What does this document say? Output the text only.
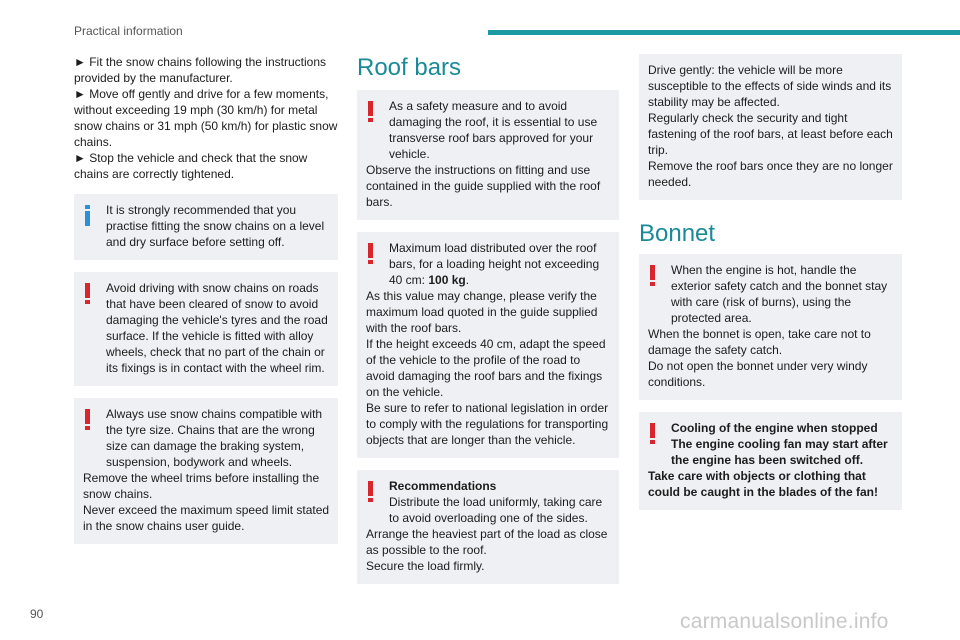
Practical information

► Fit the snow chains following the instructions provided by the manufacturer.

► Move off gently and drive for a few moments, without exceeding 19 mph (30 km/h) for metal snow chains or 31 mph (50 km/h) for plastic snow chains.

► Stop the vehicle and check that the snow chains are correctly tightened.

It is strongly recommended that you practise fitting the snow chains on a level and dry surface before setting off.

Avoid driving with snow chains on roads that have been cleared of snow to avoid damaging the vehicle's tyres and the road surface. If the vehicle is fitted with alloy wheels, check that no part of the chain or its fixings is in contact with the wheel rim.

Always use snow chains compatible with the tyre size. Chains that are the wrong size can damage the braking system, suspension, bodywork and wheels.

Remove the wheel trims before installing the snow chains.

Never exceed the maximum speed limit stated in the snow chains user guide.

Roof bars

As a safety measure and to avoid damaging the roof, it is essential to use transverse roof bars approved for your vehicle.

Observe the instructions on fitting and use contained in the guide supplied with the roof bars.

Maximum load distributed over the roof bars, for a loading height not exceeding 40 cm: 100 kg.

As this value may change, please verify the maximum load quoted in the guide supplied with the roof bars.

If the height exceeds 40 cm, adapt the speed of the vehicle to the profile of the road to avoid damaging the roof bars and the fixings on the vehicle.

Be sure to refer to national legislation in order to comply with the regulations for transporting objects that are longer than the vehicle.

Recommendations

Distribute the load uniformly, taking care to avoid overloading one of the sides.

Arrange the heaviest part of the load as close as possible to the roof.

Secure the load firmly.

Drive gently: the vehicle will be more susceptible to the effects of side winds and its stability may be affected.

Regularly check the security and tight fastening of the roof bars, at least before each trip.

Remove the roof bars once they are no longer needed.

Bonnet

When the engine is hot, handle the exterior safety catch and the bonnet stay with care (risk of burns), using the protected area.

When the bonnet is open, take care not to damage the safety catch.

Do not open the bonnet under very windy conditions.

Cooling of the engine when stopped

The engine cooling fan may start after the engine has been switched off.

Take care with objects or clothing that could be caught in the blades of the fan!

90	carmanualsonline.info
